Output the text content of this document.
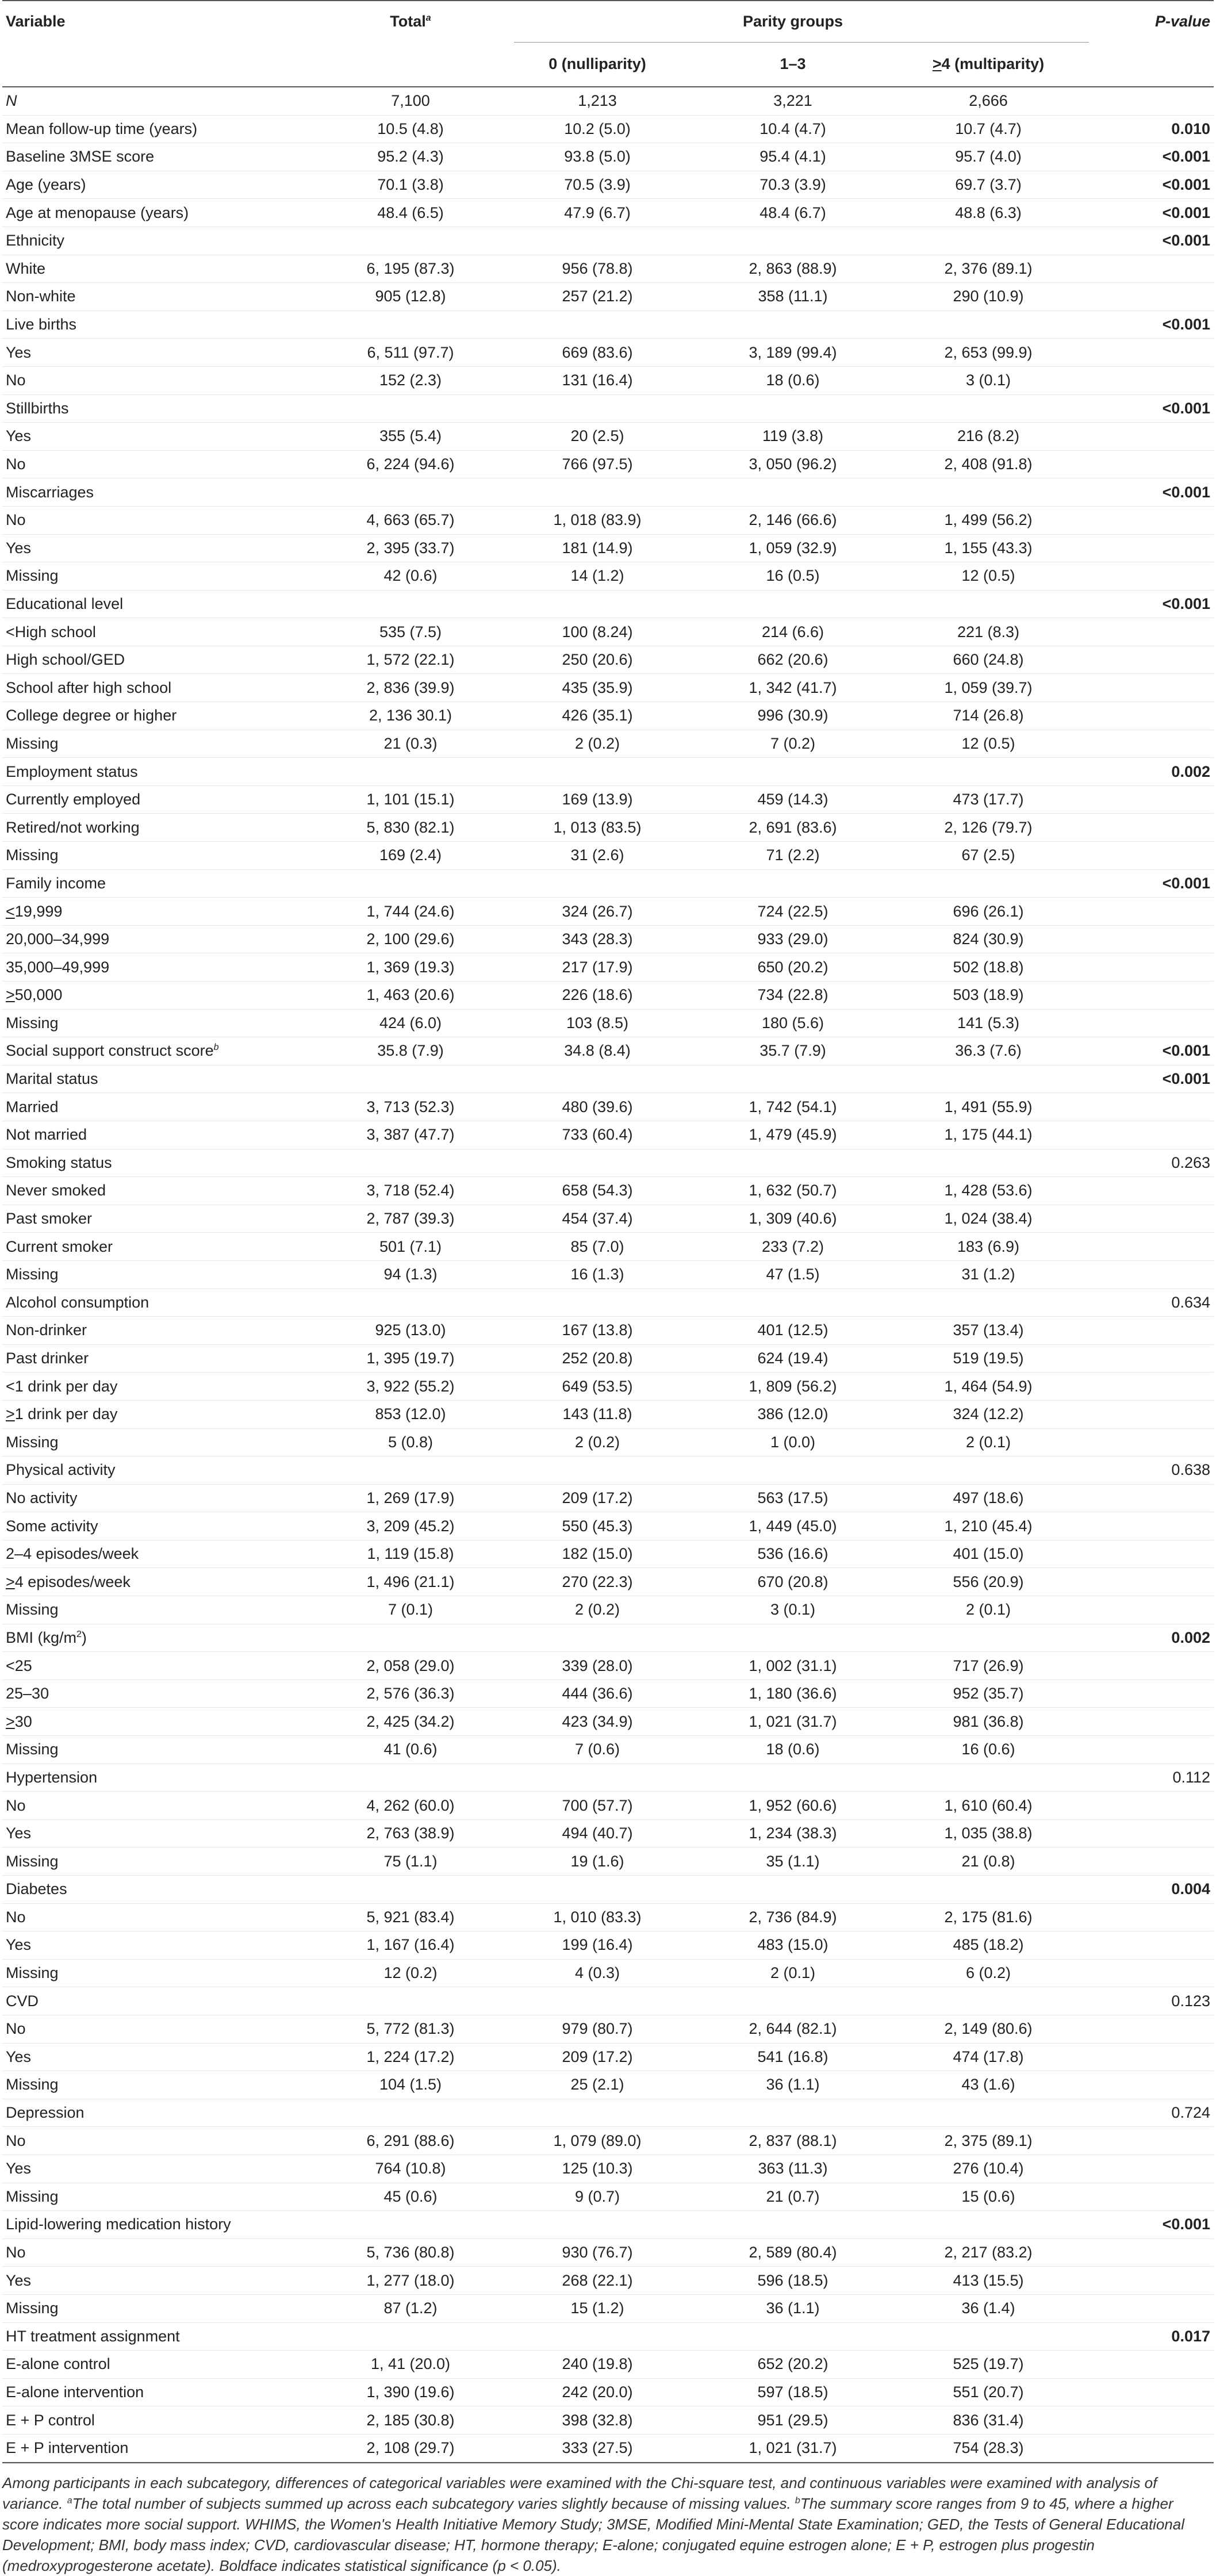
Variable	Total$^a$	Parity groups			P-value
		0 (nulliparity)	1–3	>4 (multiparity)	
N	7,100	1,213	3,221	2,666	
Mean follow-up time (years)	10.5 (4.8)	10.2 (5.0)	10.4 (4.7)	10.7 (4.7)	0.010
Baseline 3MSE score	95.2 (4.3)	93.8 (5.0)	95.4 (4.1)	95.7 (4.0)	<0.001
Age (years)	70.1 (3.8)	70.5 (3.9)	70.3 (3.9)	69.7 (3.7)	<0.001
Age at menopause (years)	48.4 (6.5)	47.9 (6.7)	48.4 (6.7)	48.8 (6.3)	<0.001
Ethnicity					<0.001
White	6, 195 (87.3)	956 (78.8)	2, 863 (88.9)	2, 376 (89.1)	
Non-white	905 (12.8)	257 (21.2)	358 (11.1)	290 (10.9)	
Live births					<0.001
Yes	6, 511 (97.7)	669 (83.6)	3, 189 (99.4)	2, 653 (99.9)	
No	152 (2.3)	131 (16.4)	18 (0.6)	3 (0.1)	
Stillbirths					<0.001
Yes	355 (5.4)	20 (2.5)	119 (3.8)	216 (8.2)	
No	6, 224 (94.6)	766 (97.5)	3, 050 (96.2)	2, 408 (91.8)	
Miscarriages					<0.001
No	4, 663 (65.7)	1, 018 (83.9)	2, 146 (66.6)	1, 499 (56.2)	
Yes	2, 395 (33.7)	181 (14.9)	1, 059 (32.9)	1, 155 (43.3)	
Missing	42 (0.6)	14 (1.2)	16 (0.5)	12 (0.5)	
Educational level					<0.001
<High school	535 (7.5)	100 (8.24)	214 (6.6)	221 (8.3)	
High school/GED	1, 572 (22.1)	250 (20.6)	662 (20.6)	660 (24.8)	
School after high school	2, 836 (39.9)	435 (35.9)	1, 342 (41.7)	1, 059 (39.7)	
College degree or higher	2, 136 30.1)	426 (35.1)	996 (30.9)	714 (26.8)	
Missing	21 (0.3)	2 (0.2)	7 (0.2)	12 (0.5)	
Employment status					0.002
Currently employed	1, 101 (15.1)	169 (13.9)	459 (14.3)	473 (17.7)	
Retired/not working	5, 830 (82.1)	1, 013 (83.5)	2, 691 (83.6)	2, 126 (79.7)	
Missing	169 (2.4)	31 (2.6)	71 (2.2)	67 (2.5)	
Family income					<0.001
<19,999	1, 744 (24.6)	324 (26.7)	724 (22.5)	696 (26.1)	
20,000–34,999	2, 100 (29.6)	343 (28.3)	933 (29.0)	824 (30.9)	
35,000–49,999	1, 369 (19.3)	217 (17.9)	650 (20.2)	502 (18.8)	
>50,000	1, 463 (20.6)	226 (18.6)	734 (22.8)	503 (18.9)	
Missing	424 (6.0)	103 (8.5)	180 (5.6)	141 (5.3)	
Social support construct score$^b$	35.8 (7.9)	34.8 (8.4)	35.7 (7.9)	36.3 (7.6)	<0.001
Marital status					<0.001
Married	3, 713 (52.3)	480 (39.6)	1, 742 (54.1)	1, 491 (55.9)	
Not married	3, 387 (47.7)	733 (60.4)	1, 479 (45.9)	1, 175 (44.1)	
Smoking status					0.263
Never smoked	3, 718 (52.4)	658 (54.3)	1, 632 (50.7)	1, 428 (53.6)	
Past smoker	2, 787 (39.3)	454 (37.4)	1, 309 (40.6)	1, 024 (38.4)	
Current smoker	501 (7.1)	85 (7.0)	233 (7.2)	183 (6.9)	
Missing	94 (1.3)	16 (1.3)	47 (1.5)	31 (1.2)	
Alcohol consumption					0.634
Non-drinker	925 (13.0)	167 (13.8)	401 (12.5)	357 (13.4)	
Past drinker	1, 395 (19.7)	252 (20.8)	624 (19.4)	519 (19.5)	
<1 drink per day	3, 922 (55.2)	649 (53.5)	1, 809 (56.2)	1, 464 (54.9)	
>1 drink per day	853 (12.0)	143 (11.8)	386 (12.0)	324 (12.2)	
Missing	5 (0.8)	2 (0.2)	1 (0.0)	2 (0.1)	
Physical activity					0.638
No activity	1, 269 (17.9)	209 (17.2)	563 (17.5)	497 (18.6)	
Some activity	3, 209 (45.2)	550 (45.3)	1, 449 (45.0)	1, 210 (45.4)	
2–4 episodes/week	1, 119 (15.8)	182 (15.0)	536 (16.6)	401 (15.0)	
>4 episodes/week	1, 496 (21.1)	270 (22.3)	670 (20.8)	556 (20.9)	
Missing	7 (0.1)	2 (0.2)	3 (0.1)	2 (0.1)	
BMI $(kg/m^2)$					0.002
<25	2, 058 (29.0)	339 (28.0)	1, 002 (31.1)	717 (26.9)	
25–30	2, 576 (36.3)	444 (36.6)	1, 180 (36.6)	952 (35.7)	
>30	2, 425 (34.2)	423 (34.9)	1, 021 (31.7)	981 (36.8)	
Missing	41 (0.6)	7 (0.6)	18 (0.6)	16 (0.6)	
Hypertension					0.112
No	4, 262 (60.0)	700 (57.7)	1, 952 (60.6)	1, 610 (60.4)	
Yes	2, 763 (38.9)	494 (40.7)	1, 234 (38.3)	1, 035 (38.8)	
Missing	75 (1.1)	19 (1.6)	35 (1.1)	21 (0.8)	
Diabetes					0.004
No	5, 921 (83.4)	1, 010 (83.3)	2, 736 (84.9)	2, 175 (81.6)	
Yes	1, 167 (16.4)	199 (16.4)	483 (15.0)	485 (18.2)	
Missing	12 (0.2)	4 (0.3)	2 (0.1)	6 (0.2)	
CVD					0.123
No	5, 772 (81.3)	979 (80.7)	2, 644 (82.1)	2, 149 (80.6)	
Yes	1, 224 (17.2)	209 (17.2)	541 (16.8)	474 (17.8)	
Missing	104 (1.5)	25 (2.1)	36 (1.1)	43 (1.6)	
Depression					0.724
No	6, 291 (88.6)	1, 079 (89.0)	2, 837 (88.1)	2, 375 (89.1)	
Yes	764 (10.8)	125 (10.3)	363 (11.3)	276 (10.4)	
Missing	45 (0.6)	9 (0.7)	21 (0.7)	15 (0.6)	
Lipid-lowering medication history					<0.001
No	5, 736 (80.8)	930 (76.7)	2, 589 (80.4)	2, 217 (83.2)	
Yes	1, 277 (18.0)	268 (22.1)	596 (18.5)	413 (15.5)	
Missing	87 (1.2)	15 (1.2)	36 (1.1)	36 (1.4)	
HT treatment assignment					0.017
E-alone control	1, 41 (20.0)	240 (19.8)	652 (20.2)	525 (19.7)	
E-alone intervention	1, 390 (19.6)	242 (20.0)	597 (18.5)	551 (20.7)	
E + P control	2, 185 (30.8)	398 (32.8)	951 (29.5)	836 (31.4)	
E + P intervention	2, 108 (29.7)	333 (27.5)	1, 021 (31.7)	754 (28.3)	
Among participants in each subcategory, differences of categorical variables were examined with the Chi-square test, and continuous variables were examined with analysis of variance. $^a$The total number of subjects summed up across each subcategory varies slightly because of missing values. $^b$The summary score ranges from 9 to 45, where a higher score indicates more social support. WHIMS, the Women's Health Initiative Memory Study; 3MSE, Modified Mini-Mental State Examination; GED, the Tests of General Educational Development; BMI, body mass index; CVD, cardiovascular disease; HT, hormone therapy; E-alone; conjugated equine estrogen alone; E + P, estrogen plus progestin (medroxyprogesterone acetate). Boldface indicates statistical significance (p < 0.05).
